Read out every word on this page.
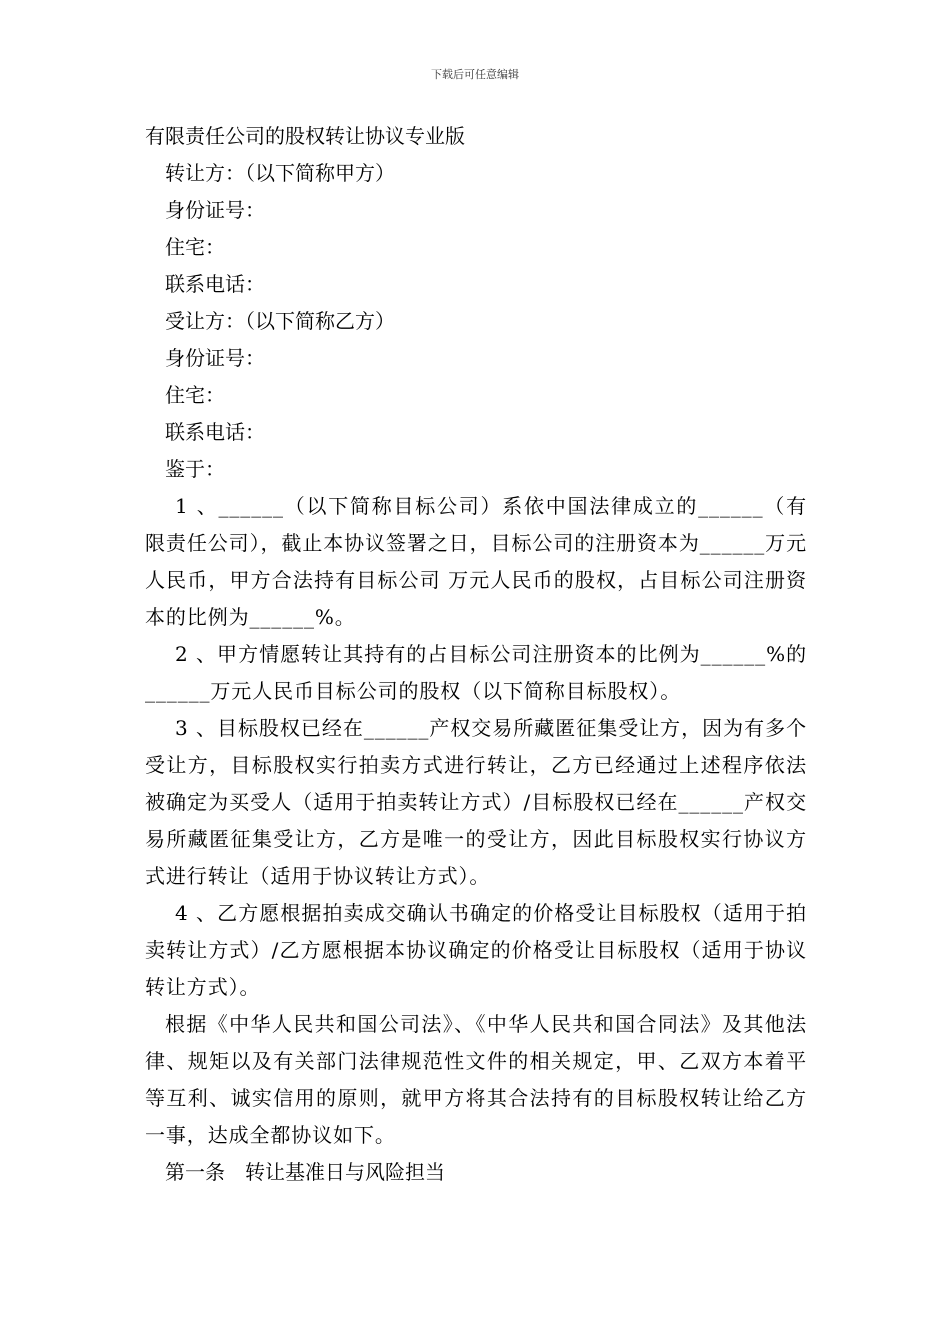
下载后可任意编辑

有限责任公司的股权转让协议专业版

转让方：（以下简称甲方）

身份证号：

住宅：

联系电话：

受让方：（以下简称乙方）

身份证号：

住宅：

联系电话：

鉴于：

1 、______（以下简称目标公司）系依中国法律成立的______（有限责任公司），截止本协议签署之日，目标公司的注册资本为______万元人民币，甲方合法持有目标公司 万元人民币的股权，占目标公司注册资本的比例为______%。

2 、甲方情愿转让其持有的占目标公司注册资本的比例为______%的______万元人民币目标公司的股权（以下简称目标股权）。

3 、目标股权已经在______产权交易所藏匿征集受让方，因为有多个受让方，目标股权实行拍卖方式进行转让，乙方已经通过上述程序依法被确定为买受人（适用于拍卖转让方式）/目标股权已经在______产权交易所藏匿征集受让方，乙方是唯一的受让方，因此目标股权实行协议方式进行转让（适用于协议转让方式）。

4 、乙方愿根据拍卖成交确认书确定的价格受让目标股权（适用于拍卖转让方式）/乙方愿根据本协议确定的价格受让目标股权（适用于协议转让方式）。

根据《中华人民共和国公司法》、《中华人民共和国合同法》及其他法律、规矩以及有关部门法律规范性文件的相关规定，甲、乙双方本着平等互利、诚实信用的原则，就甲方将其合法持有的目标股权转让给乙方一事，达成全都协议如下。

第一条　转让基准日与风险担当
